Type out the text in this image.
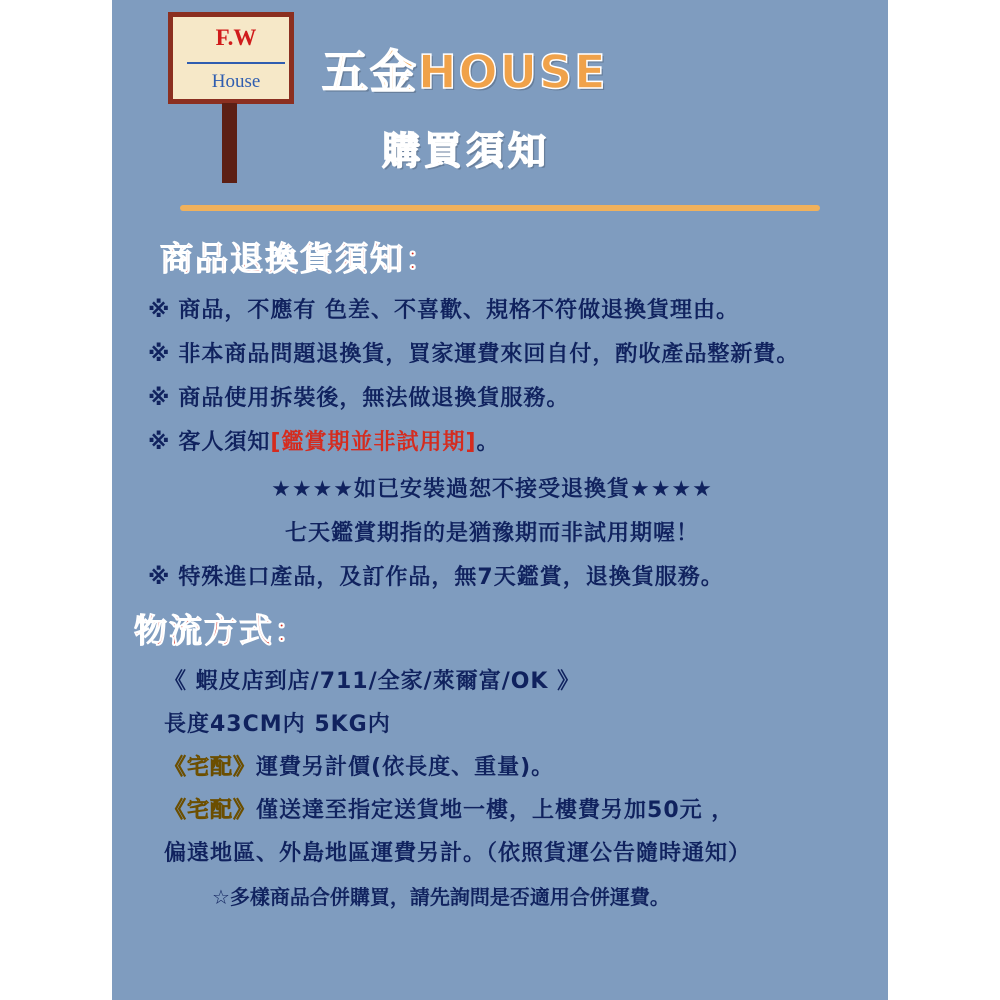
F.W
House	五金HOUSE
購買須知
商品退換貨須知：
※ 商品，不應有 色差、不喜歡、規格不符做退換貨理由。
※ 非本商品問題退換貨，買家運費來回自付，酌收產品整新費。
※ 商品使用拆裝後，無法做退換貨服務。
※ 客人須知[鑑賞期並非試用期]。
★★★★如已安裝過恕不接受退換貨★★★★
七天鑑賞期指的是猶豫期而非試用期喔！
※ 特殊進口產品，及訂作品，無7天鑑賞，退換貨服務。
物流方式：
《 蝦皮店到店/711/全家/萊爾富/OK 》
長度43CM内 5KG内
《宅配》運費另計價(依長度、重量)。
《宅配》僅送達至指定送貨地一樓，上樓費另加50元 ，
偏遠地區、外島地區運費另計。（依照貨運公告隨時通知）
☆多樣商品合併購買，請先詢問是否適用合併運費。
